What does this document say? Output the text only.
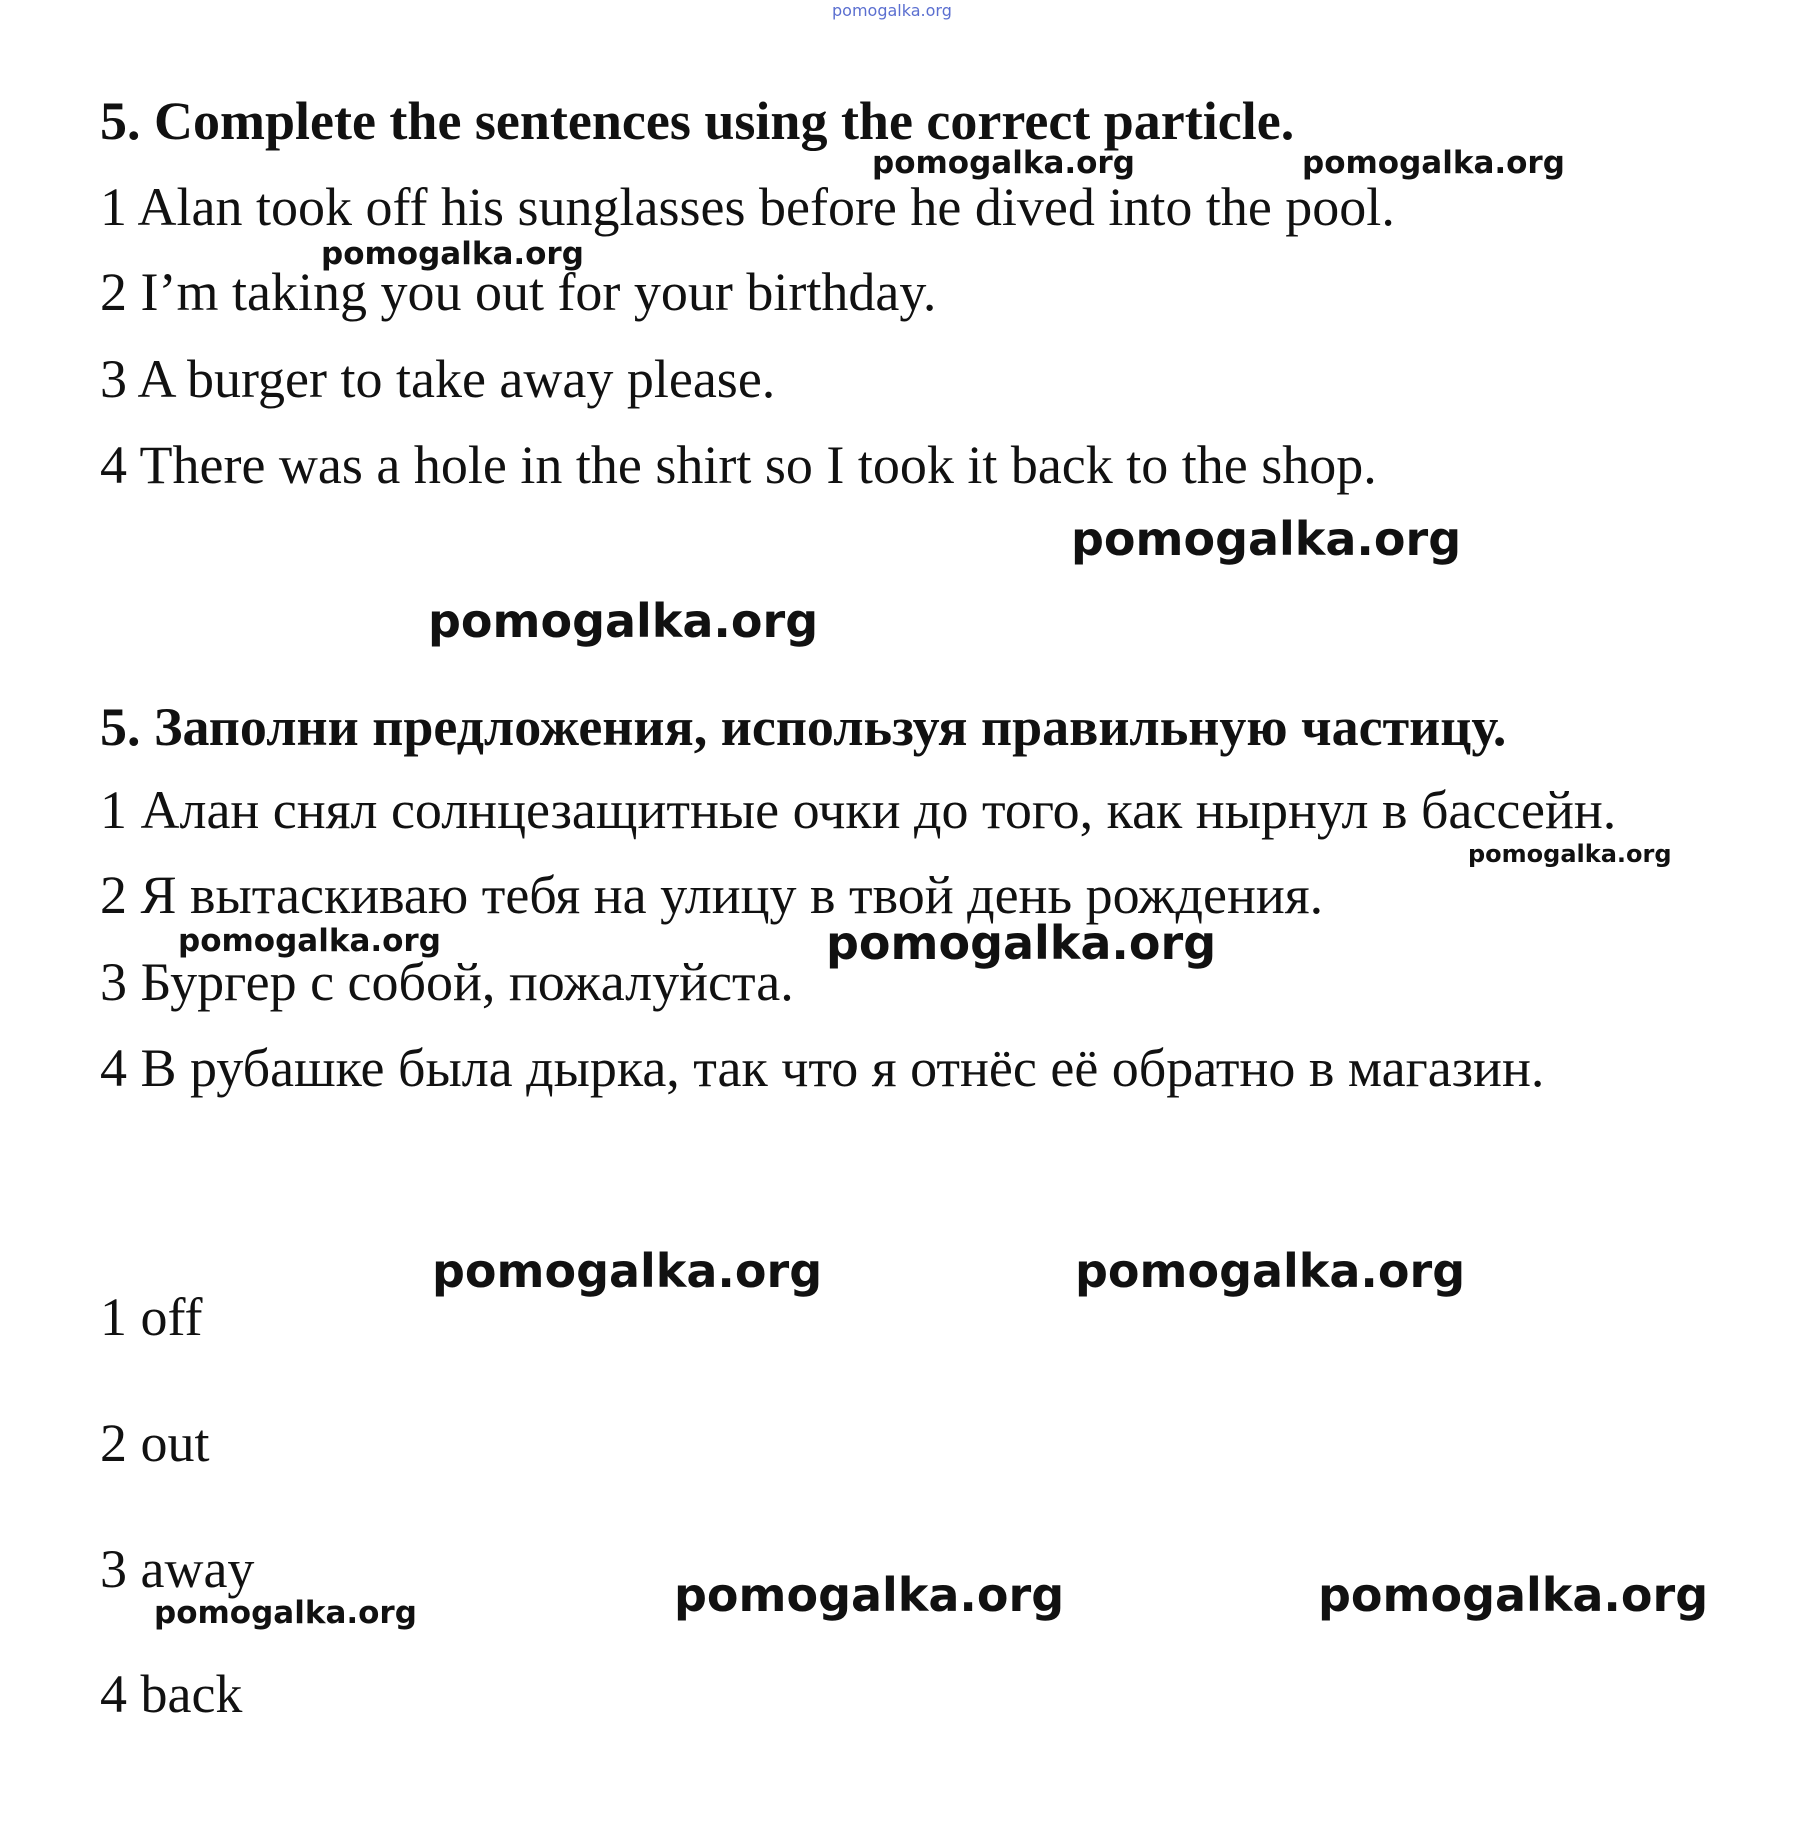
5. Complete the sentences using the correct particle.

1 Alan took off his sunglasses before he dived into the pool.

2 I’m taking you out for your birthday.

3 A burger to take away please.

4 There was a hole in the shirt so I took it back to the shop.

5. Заполни предложения, используя правильную частицу.

1 Алан снял солнцезащитные очки до того, как нырнул в бассейн.

2 Я вытаскиваю тебя на улицу в твой день рождения.

3 Бургер с собой, пожалуйста.

4 В рубашке была дырка, так что я отнёс её обратно в магазин.

1 off

2 out

3 away

4 back

pomogalka.org
pomogalka.org	pomogalka.org
pomogalka.org
pomogalka.org
pomogalka.org
pomogalka.org
pomogalka.org	pomogalka.org
pomogalka.org	pomogalka.org
pomogalka.org	pomogalka.org
pomogalka.org
